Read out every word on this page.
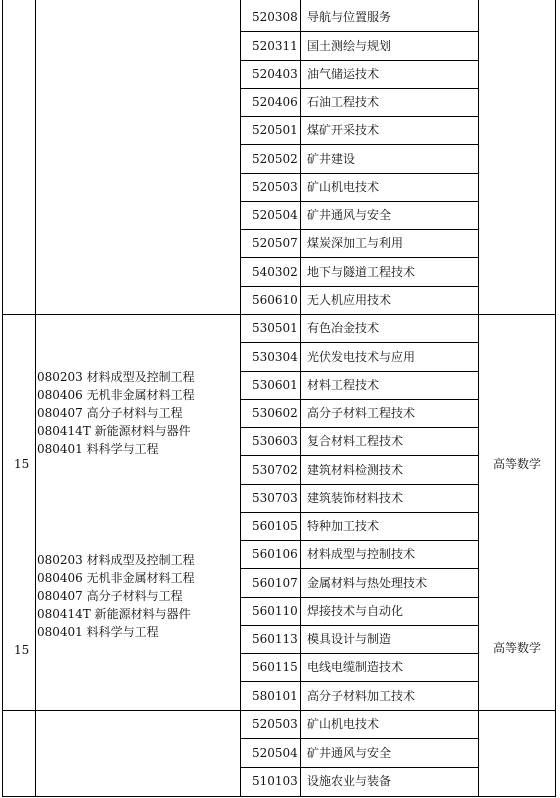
520308 导航与位置服务
520311 国土测绘与规划
520403 油气储运技术
520406 石油工程技术
520501 煤矿开采技术
520502 矿井建设
520503 矿山机电技术
520504 矿井通风与安全
520507 煤炭深加工与利用
540302 地下与隧道工程技术
560610 无人机应用技术
15
080203 材料成型及控制工程
080406 无机非金属材料工程
080407 高分子材料与工程
080414T 新能源材料与器件
080401 料科学与工程
高等数学
15
080203 材料成型及控制工程
080406 无机非金属材料工程
080407 高分子材料与工程
080414T 新能源材料与器件
080401 料科学与工程
高等数学
530501 有色冶金技术
530304 光伏发电技术与应用
530601 材料工程技术
530602 高分子材料工程技术
530603 复合材料工程技术
530702 建筑材料检测技术
530703 建筑装饰材料技术
560105 特种加工技术
560106 材料成型与控制技术
560107 金属材料与热处理技术
560110 焊接技术与自动化
560113 模具设计与制造
560115 电线电缆制造技术
580101 高分子材料加工技术
520503 矿山机电技术
520504 矿井通风与安全
510103 设施农业与装备
